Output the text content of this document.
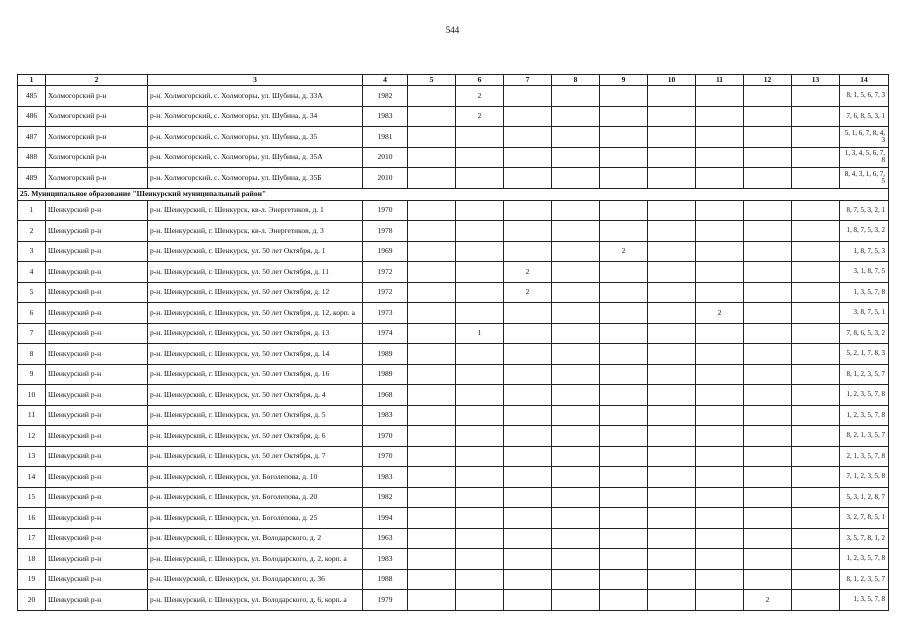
544
1	2	3	4	5	6	7	8	9	10	11	12	13	14
485	Холмогорский р-н	р-н. Холмогорский, с. Холмогоры, ул. Шубина, д. 33А	1982		2								8, 1, 5, 6, 7, 3
486	Холмогорский р-н	р-н. Холмогорский, с. Холмогоры, ул. Шубина, д. 34	1983		2								7, 6, 8, 5, 3, 1
487	Холмогорский р-н	р-н. Холмогорский, с. Холмогоры, ул. Шубина, д. 35	1981										5, 1, 6, 7, 8, 4, 3
488	Холмогорский р-н	р-н. Холмогорский, с. Холмогоры, ул. Шубина, д. 35А	2010										1, 3, 4, 5, 6, 7, 8
489	Холмогорский р-н	р-н. Холмогорский, с. Холмогоры, ул. Шубина, д. 35Б	2010										8, 4, 3, 1, 6, 7, 5
25. Муниципальное образование "Шенкурский муниципальный район"													
1	Шенкурский р-н	р-н. Шенкурский, г. Шенкурск, кв-л. Энергетиков, д. 1	1970										8, 7, 5, 3, 2, 1
2	Шенкурский р-н	р-н. Шенкурский, г. Шенкурск, кв-л. Энергетиков, д. 3	1978										1, 8, 7, 5, 3, 2
3	Шенкурский р-н	р-н. Шенкурский, г. Шенкурск, ул. 50 лет Октября, д. 1	1969					2					1, 8, 7, 5, 3
4	Шенкурский р-н	р-н. Шенкурский, г. Шенкурск, ул. 50 лет Октября, д. 11	1972			2							3, 1, 8, 7, 5
5	Шенкурский р-н	р-н. Шенкурский, г. Шенкурск, ул. 50 лет Октября, д. 12	1972			2							1, 3, 5, 7, 8
6	Шенкурский р-н	р-н. Шенкурский, г. Шенкурск, ул. 50 лет Октября, д. 12, корп. а	1973							2			3, 8, 7, 5, 1
7	Шенкурский р-н	р-н. Шенкурский, г. Шенкурск, ул. 50 лет Октября, д. 13	1974		1								7, 8, 6, 5, 3, 2
8	Шенкурский р-н	р-н. Шенкурский, г. Шенкурск, ул. 50 лет Октября, д. 14	1989										5, 2, 1, 7, 8, 3
9	Шенкурский р-н	р-н. Шенкурский, г. Шенкурск, ул. 50 лет Октября, д. 16	1989										8, 1, 2, 3, 5, 7
10	Шенкурский р-н	р-н. Шенкурский, г. Шенкурск, ул. 50 лет Октября, д. 4	1968										1, 2, 3, 5, 7, 8
11	Шенкурский р-н	р-н. Шенкурский, г. Шенкурск, ул. 50 лет Октября, д. 5	1983										1, 2, 3, 5, 7, 8
12	Шенкурский р-н	р-н. Шенкурский, г. Шенкурск, ул. 50 лет Октября, д. 6	1970										8, 2, 1, 3, 5, 7
13	Шенкурский р-н	р-н. Шенкурский, г. Шенкурск, ул. 50 лет Октября, д. 7	1970										2, 1, 3, 5, 7, 8
14	Шенкурский р-н	р-н. Шенкурский, г. Шенкурск, ул. Боголепова, д. 10	1983										7, 1, 2, 3, 5, 8
15	Шенкурский р-н	р-н. Шенкурский, г. Шенкурск, ул. Боголепова, д. 20	1982										5, 3, 1, 2, 8, 7
16	Шенкурский р-н	р-н. Шенкурский, г. Шенкурск, ул. Боголепова, д. 25	1994										3, 2, 7, 8, 5, 1
17	Шенкурский р-н	р-н. Шенкурский, г. Шенкурск, ул. Володарского, д. 2	1963										3, 5, 7, 8, 1, 2
18	Шенкурский р-н	р-н. Шенкурский, г. Шенкурск, ул. Володарского, д. 2, корп. а	1983										1, 2, 3, 5, 7, 8
19	Шенкурский р-н	р-н. Шенкурский, г. Шенкурск, ул. Володарского, д. 36	1988										8, 1, 2, 3, 5, 7
20	Шенкурский р-н	р-н. Шенкурский, г. Шенкурск, ул. Володарского, д. 6, корп. а	1979								2		1, 3, 5, 7, 8
